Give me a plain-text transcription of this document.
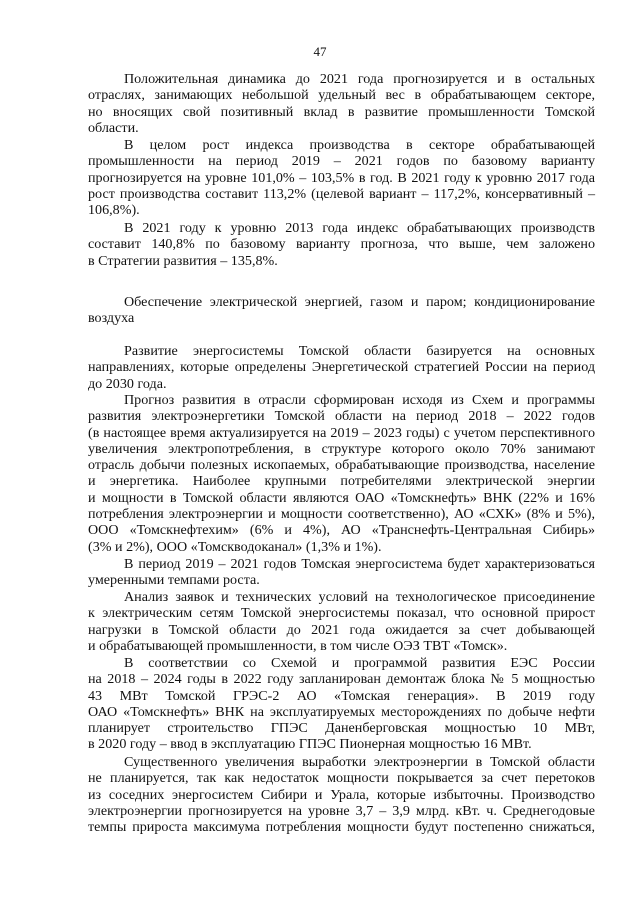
47
Положительная динамика до 2021 года прогнозируется и в остальных
отраслях, занимающих небольшой удельный вес в обрабатывающем секторе,
но вносящих свой позитивный вклад в развитие промышленности Томской
области.
В целом рост индекса производства в секторе обрабатывающей
промышленности на период 2019 – 2021 годов по базовому варианту
прогнозируется на уровне 101,0% – 103,5% в год. В 2021 году к уровню 2017 года
рост производства составит 113,2% (целевой вариант – 117,2%, консервативный –
106,8%).
В 2021 году к уровню 2013 года индекс обрабатывающих производств
составит 140,8% по базовому варианту прогноза, что выше, чем заложено
в Стратегии развития – 135,8%.
Обеспечение электрической энергией, газом и паром; кондиционирование
воздуха
Развитие энергосистемы Томской области базируется на основных
направлениях, которые определены Энергетической стратегией России на период
до 2030 года.
Прогноз развития в отрасли сформирован исходя из Схем и программы
развития электроэнергетики Томской области на период 2018 – 2022 годов
(в настоящее время актуализируется на 2019 – 2023 годы) с учетом перспективного
увеличения электропотребления, в структуре которого около 70% занимают
отрасль добычи полезных ископаемых, обрабатывающие производства, население
и энергетика. Наиболее крупными потребителями электрической энергии
и мощности в Томской области являются ОАО «Томскнефть» ВНК (22% и 16%
потребления электроэнергии и мощности соответственно), АО «СХК» (8% и 5%),
ООО «Томскнефтехим» (6% и 4%), АО «Транснефть-Центральная Сибирь»
(3% и 2%), ООО «Томскводоканал» (1,3% и 1%).
В период 2019 – 2021 годов Томская энергосистема будет характеризоваться
умеренными темпами роста.
Анализ заявок и технических условий на технологическое присоединение
к электрическим сетям Томской энергосистемы показал, что основной прирост
нагрузки в Томской области до 2021 года ожидается за счет добывающей
и обрабатывающей промышленности, в том числе ОЭЗ ТВТ «Томск».
В соответствии со Схемой и программой развития ЕЭС России
на 2018 – 2024 годы в 2022 году запланирован демонтаж блока № 5 мощностью
43 МВт Томской ГРЭС-2 АО «Томская генерация». В 2019 году
ОАО «Томскнефть» ВНК на эксплуатируемых месторождениях по добыче нефти
планирует строительство ГПЭС Даненберговская мощностью 10 МВт,
в 2020 году – ввод в эксплуатацию ГПЭС Пионерная мощностью 16 МВт.
Существенного увеличения выработки электроэнергии в Томской области
не планируется, так как недостаток мощности покрывается за счет перетоков
из соседних энергосистем Сибири и Урала, которые избыточны. Производство
электроэнергии прогнозируется на уровне 3,7 – 3,9 млрд. кВт. ч. Среднегодовые
темпы прироста максимума потребления мощности будут постепенно снижаться,
